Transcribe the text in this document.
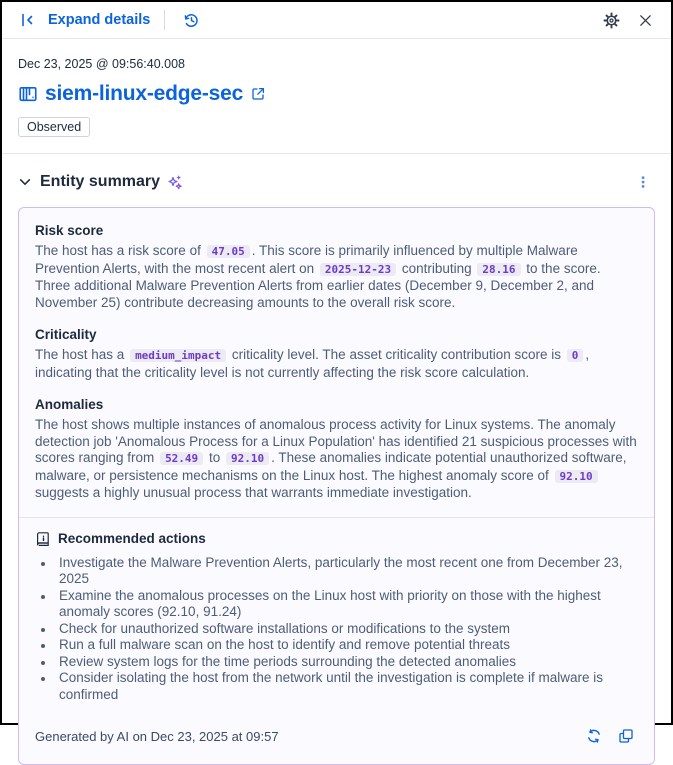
Expand details
Dec 23, 2025 @ 09:56:40.008
siem-linux-edge-sec
Observed
Entity summary
Risk score
The host has a risk score of 47.05 . This score is primarily influenced by multiple Malware Prevention Alerts, with the most recent alert on 2025-12-23 contributing 28.16 to the score. Three additional Malware Prevention Alerts from earlier dates (December 9, December 2, and November 25) contribute decreasing amounts to the overall risk score.
Criticality
The host has a medium_impact criticality level. The asset criticality contribution score is 0 , indicating that the criticality level is not currently affecting the risk score calculation.
Anomalies
The host shows multiple instances of anomalous process activity for Linux systems. The anomaly detection job 'Anomalous Process for a Linux Population' has identified 21 suspicious processes with scores ranging from 52.49 to 92.10 . These anomalies indicate potential unauthorized software, malware, or persistence mechanisms on the Linux host. The highest anomaly score of 92.10 suggests a highly unusual process that warrants immediate investigation.
Recommended actions
• Investigate the Malware Prevention Alerts, particularly the most recent one from December 23, 2025
• Examine the anomalous processes on the Linux host with priority on those with the highest anomaly scores (92.10, 91.24)
• Check for unauthorized software installations or modifications to the system
• Run a full malware scan on the host to identify and remove potential threats
• Review system logs for the time periods surrounding the detected anomalies
• Consider isolating the host from the network until the investigation is complete if malware is confirmed
Generated by AI on Dec 23, 2025 at 09:57
